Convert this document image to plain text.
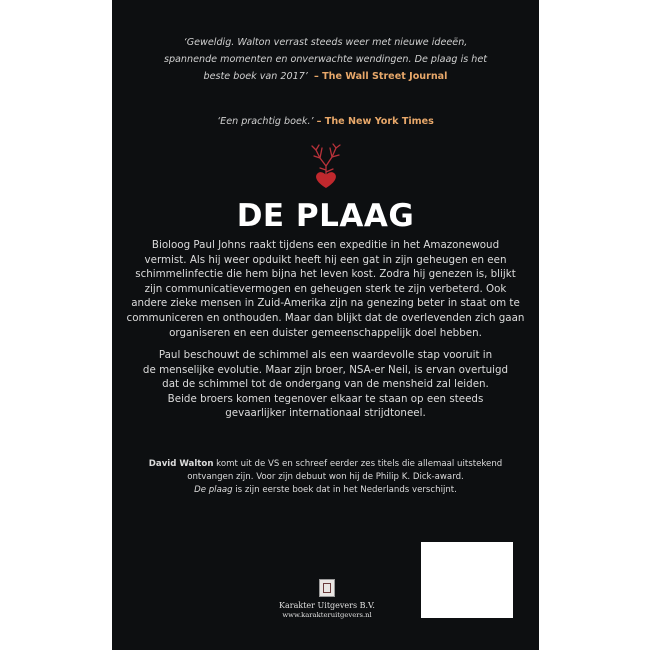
‘Geweldig. Walton verrast steeds weer met nieuwe ideeën,
spannende momenten en onverwachte wendingen. De plaag is het
beste boek van 2017’ – The Wall Street Journal
‘Een prachtig boek.’ – The New York Times
DE PLAAG
Bioloog Paul Johns raakt tijdens een expeditie in het Amazonewoud
vermist. Als hij weer opduikt heeft hij een gat in zijn geheugen en een
schimmelinfectie die hem bijna het leven kost. Zodra hij genezen is, blijkt
zijn communicatievermogen en geheugen sterk te zijn verbeterd. Ook
andere zieke mensen in Zuid-Amerika zijn na genezing beter in staat om te
communiceren en onthouden. Maar dan blijkt dat de overlevenden zich gaan
organiseren en een duister gemeenschappelijk doel hebben.
Paul beschouwt de schimmel als een waardevolle stap vooruit in
de menselijke evolutie. Maar zijn broer, NSA-er Neil, is ervan overtuigd
dat de schimmel tot de ondergang van de mensheid zal leiden.
Beide broers komen tegenover elkaar te staan op een steeds
gevaarlijker internationaal strijdtoneel.
David Walton komt uit de VS en schreef eerder zes titels die allemaal uitstekend
ontvangen zijn. Voor zijn debuut won hij de Philip K. Dick-award.
De plaag is zijn eerste boek dat in het Nederlands verschijnt.
Karakter Uitgevers B.V.
www.karakteruitgevers.nl
